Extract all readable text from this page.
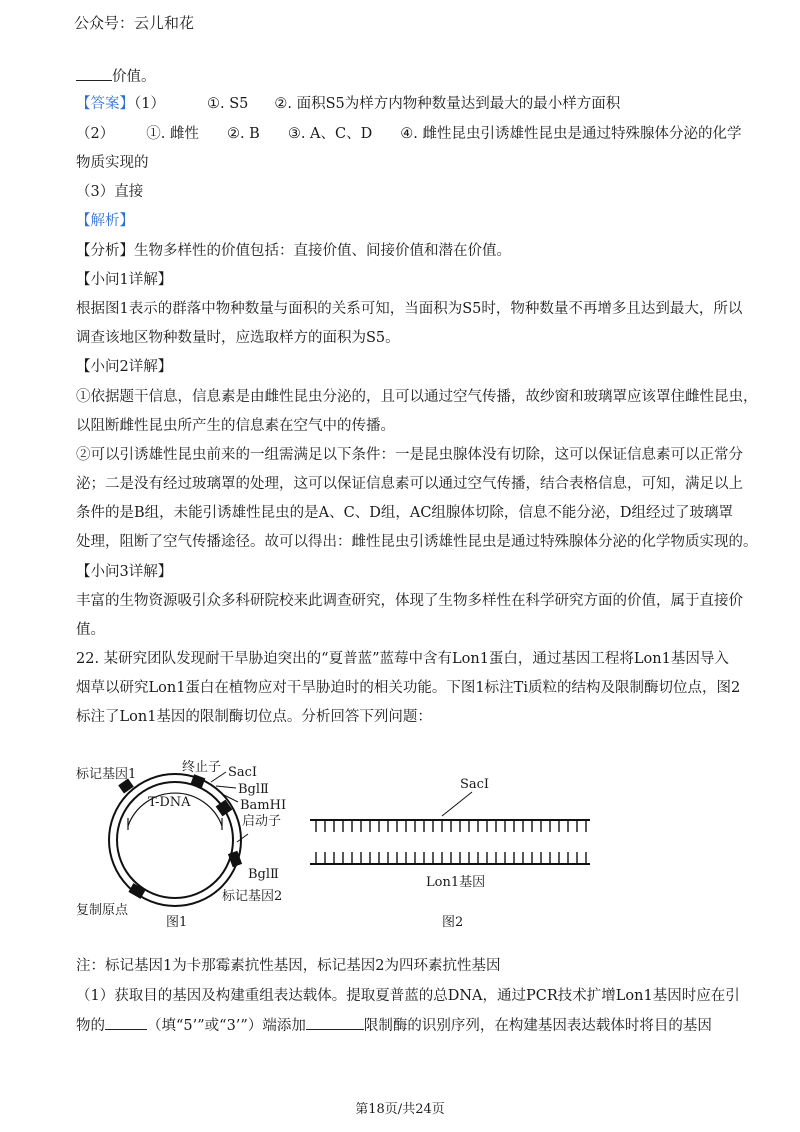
公众号：云儿和花
价值。
【答案】（1）	①. S5 ②. 面积S5为样方内物种数量达到最大的最小样方面积
（2） ①. 雌性 ②. B ③. A、C、D ④. 雌性昆虫引诱雄性昆虫是通过特殊腺体分泌的化学
物质实现的
（3）直接
【解析】
【分析】生物多样性的价值包括：直接价值、间接价值和潜在价值。
【小问1详解】
根据图1表示的群落中物种数量与面积的关系可知，当面积为S5时，物种数量不再增多且达到最大，所以
调查该地区物种数量时，应选取样方的面积为S5。
【小问2详解】
①依据题干信息，信息素是由雌性昆虫分泌的，且可以通过空气传播，故纱窗和玻璃罩应该罩住雌性昆虫，
以阻断雌性昆虫所产生的信息素在空气中的传播。
②可以引诱雄性昆虫前来的一组需满足以下条件：一是昆虫腺体没有切除，这可以保证信息素可以正常分
泌；二是没有经过玻璃罩的处理，这可以保证信息素可以通过空气传播，结合表格信息，可知，满足以上
条件的是B组，未能引诱雄性昆虫的是A、C、D组，AC组腺体切除，信息不能分泌，D组经过了玻璃罩
处理，阻断了空气传播途径。故可以得出：雌性昆虫引诱雄性昆虫是通过特殊腺体分泌的化学物质实现的。
【小问3详解】
丰富的生物资源吸引众多科研院校来此调查研究，体现了生物多样性在科学研究方面的价值，属于直接价
值。
22. 某研究团队发现耐干旱胁迫突出的“夏普蓝”蓝莓中含有Lon1蛋白，通过基因工程将Lon1基因导入
烟草以研究Lon1蛋白在植物应对干旱胁迫时的相关功能。下图1标注Ti质粒的结构及限制酶切位点，图2
标注了Lon1基因的限制酶切位点。分析回答下列问题：
标记基因1	终止子 SacⅠ
BglⅡ
T-DNA	BamHⅠ
启动子
BglⅡ
标记基因2
复制原点
图1
SacⅠ
Lon1基因
图2
注：标记基因1为卡那霉素抗性基因，标记基因2为四环素抗性基因
（1）获取目的基因及构建重组表达载体。提取夏普蓝的总DNA，通过PCR技术扩增Lon1基因时应在引
物的	（填“5’”或“3’”）端添加	限制酶的识别序列，在构建基因表达载体时将目的基因
第18页/共24页
